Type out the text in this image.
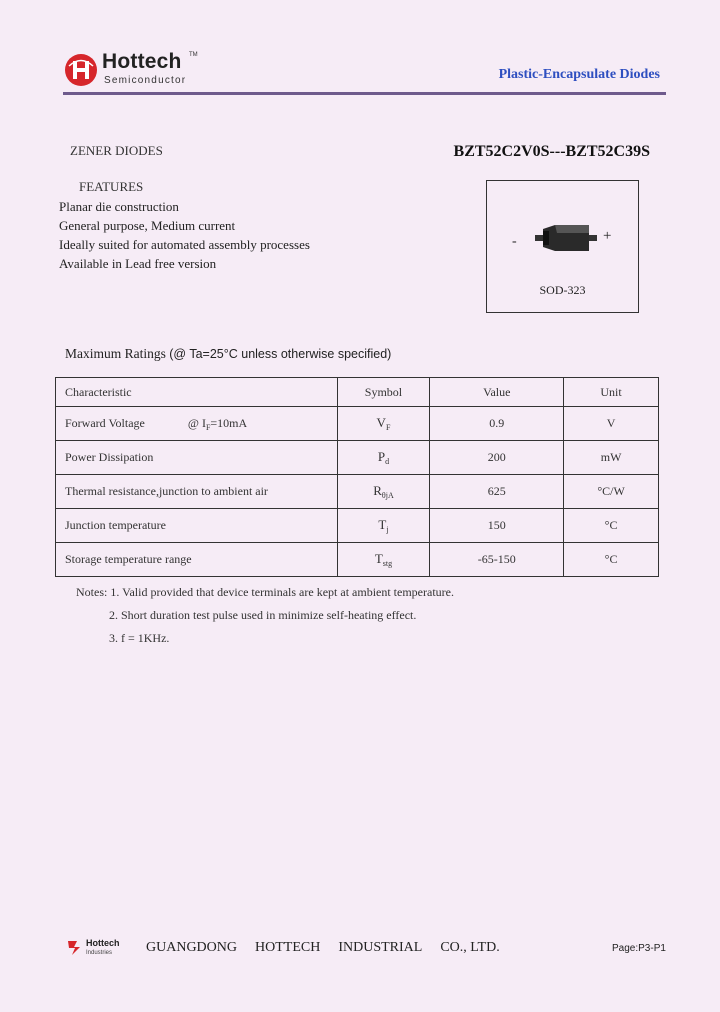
Hottech TM
Semiconductor	Plastic-Encapsulate Diodes
ZENER DIODES	BZT52C2V0S---BZT52C39S
FEATURES
Planar die construction
General purpose, Medium current
Ideally suited for automated assembly processes
Available in Lead free version
-	+
SOD-323
Maximum Ratings (@ Ta=25°C unless otherwise specified)
Characteristic	Symbol	Value	Unit
Forward Voltage @ $I_F=10mA$	$V_F$	0.9	V
Power Dissipation	$P_d$	200	mW
Thermal resistance,junction to ambient air	$R_{\theta jA}$	625	°C/W
Junction temperature	$T_j$	150	°C
Storage temperature range	$T_{stg}$	-65-150	°C
Notes: 1. Valid provided that device terminals are kept at ambient temperature.
2. Short duration test pulse used in minimize self-heating effect.
3. f = 1KHz.
Hottech
Industries GUANGDONG HOTTECH INDUSTRIAL CO., LTD.	Page:P3-P1
